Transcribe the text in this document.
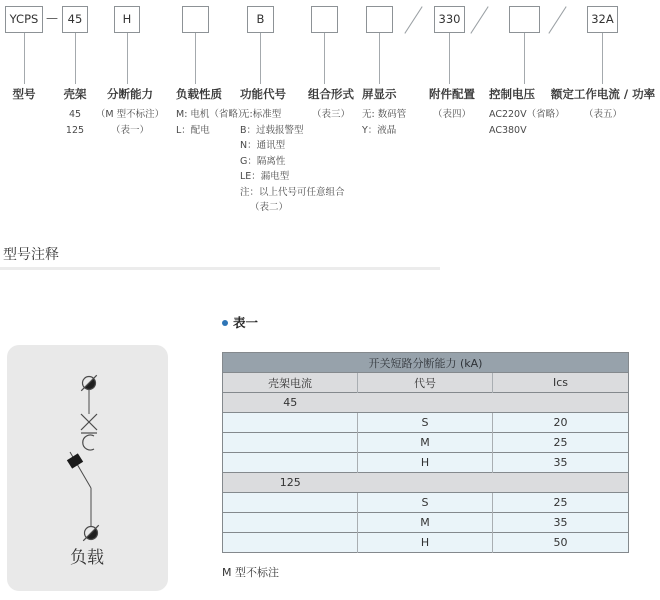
YCPS — 45	H	B	330	32A
型号	壳架
45
125
分断能力
（M 型不标注）
（表一）
负载性质
M: 电机（省略）
L：配电
功能代号
无:标准型
B：过载报警型
N：通讯型
G：隔离性
LE：漏电型
注：以上代号可任意组合
（表二）
组合形式
（表三）
屏显示
无: 数码管
Y：液晶
附件配置
（表四）
控制电压
AC220V（省略）
AC380V
额定工作电流 / 功率
（表五）
型号注释
负载
表一
开关短路分断能力 (kA)		
壳架电流	代号	Ics
45		
	S	20
	M	25
	H	35
125		
	S	25
	M	35
	H	50
M 型不标注
